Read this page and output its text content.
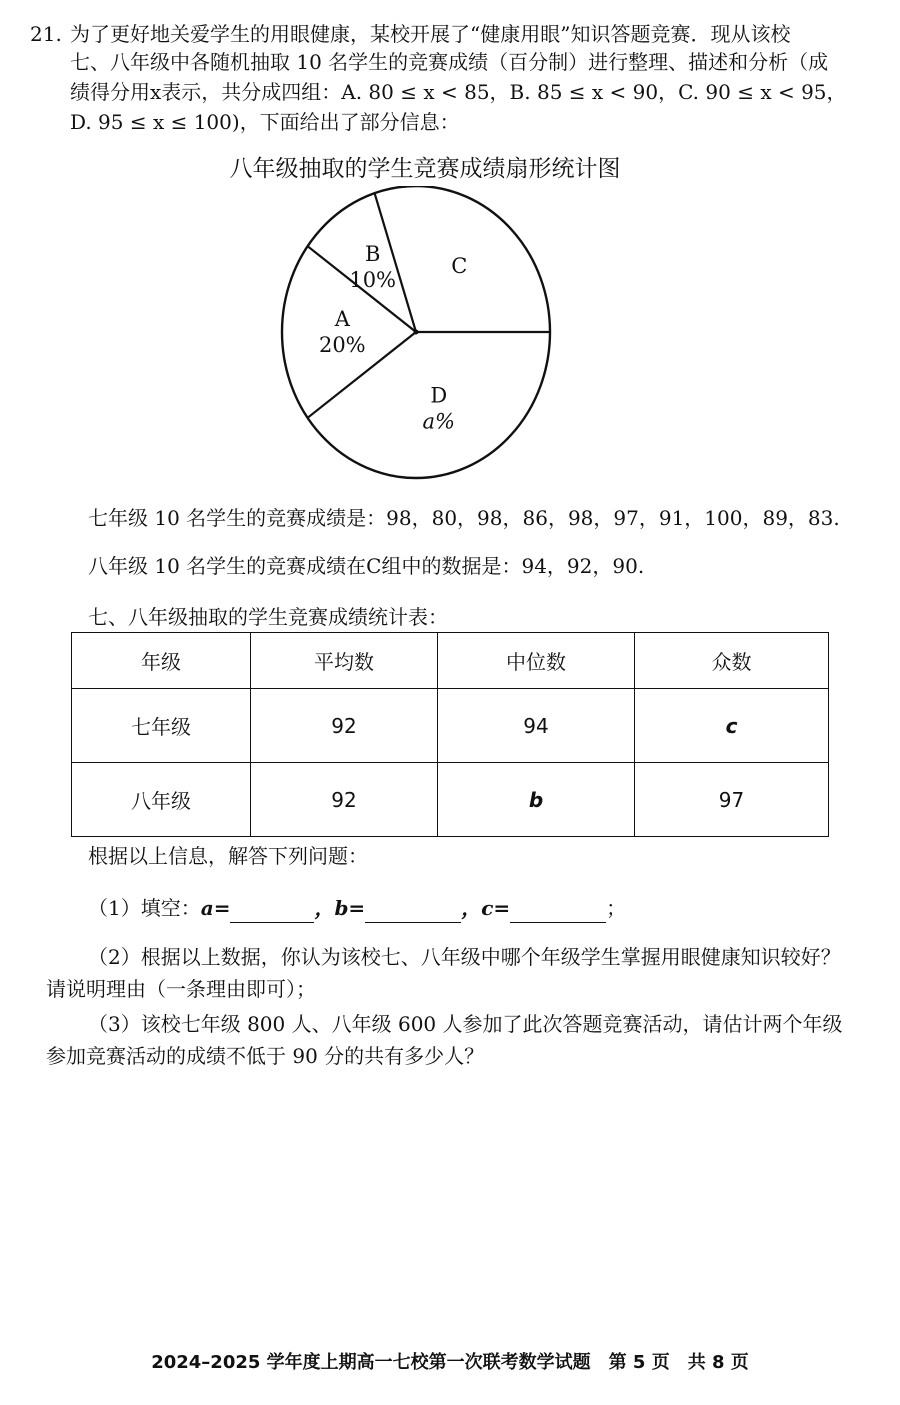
21. 为了更好地关爱学生的用眼健康，某校开展了“健康用眼”知识答题竞赛．现从该校
七、八年级中各随机抽取 10 名学生的竞赛成绩（百分制）进行整理、描述和分析（成
绩得分用x表示，共分成四组：A. 80 ≤ x < 85，B. 85 ≤ x < 90，C. 90 ≤ x < 95，
D. 95 ≤ x ≤ 100)，下面给出了部分信息：
八年级抽取的学生竞赛成绩扇形统计图
D
a%
A
20%
B
10%
C
七年级 10 名学生的竞赛成绩是：98，80，98，86，98，97，91，100，89，83.
八年级 10 名学生的竞赛成绩在C组中的数据是：94，92，90.
七、八年级抽取的学生竞赛成绩统计表：
年级	平均数	中位数	众数
七年级	92	94	c
八年级	92	b	97
根据以上信息，解答下列问题：
（1）填空：a=	，b=	，c=	；
（2）根据以上数据，你认为该校七、八年级中哪个年级学生掌握用眼健康知识较好？
请说明理由（一条理由即可）；
（3）该校七年级 800 人、八年级 600 人参加了此次答题竞赛活动，请估计两个年级
参加竞赛活动的成绩不低于 90 分的共有多少人？
2024–2025 学年度上期高一七校第一次联考数学试题　第 5 页　共 8 页
